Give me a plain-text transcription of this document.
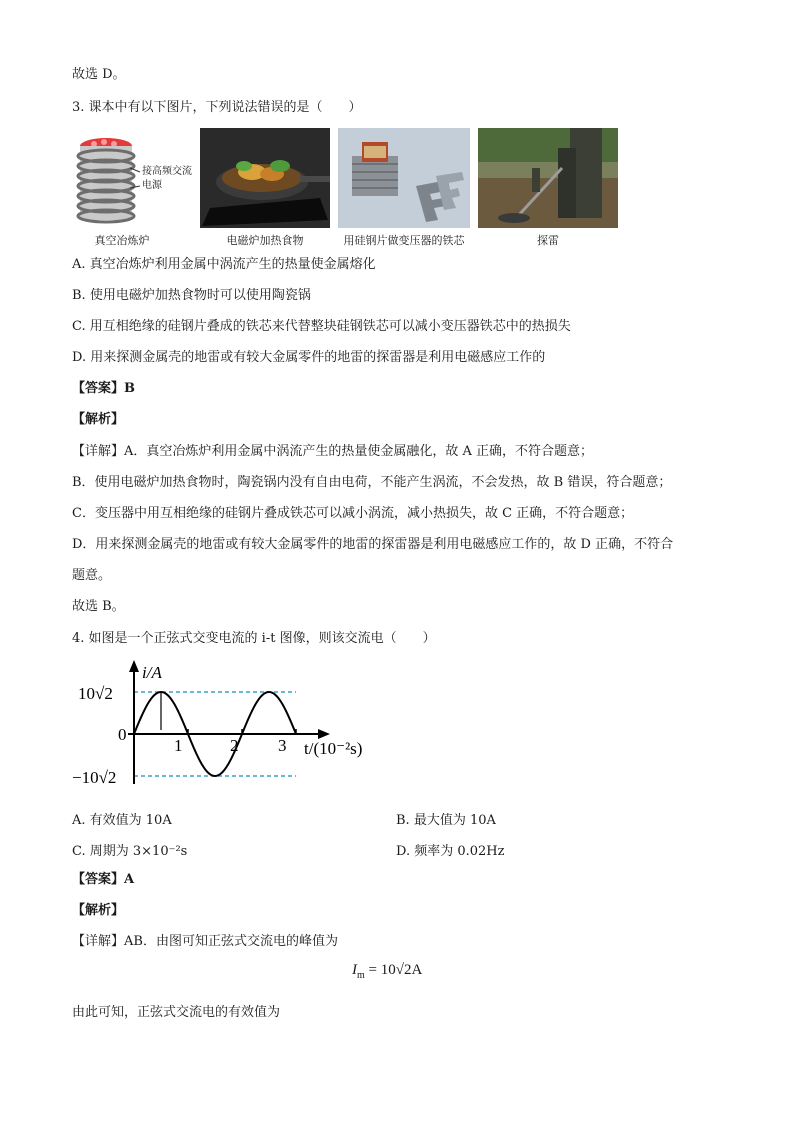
故选 D。
3. 课本中有以下图片，下列说法错误的是（　　）
接高频交流电源
真空冶炼炉	电磁炉加热食物	用硅钢片做变压器的铁芯	探雷
A. 真空冶炼炉利用金属中涡流产生的热量使金属熔化
B. 使用电磁炉加热食物时可以使用陶瓷锅
C. 用互相绝缘的硅钢片叠成的铁芯来代替整块硅钢铁芯可以减小变压器铁芯中的热损失
D. 用来探测金属壳的地雷或有较大金属零件的地雷的探雷器是利用电磁感应工作的
【答案】B
【解析】
【详解】A．真空冶炼炉利用金属中涡流产生的热量使金属融化，故 A 正确，不符合题意；
B．使用电磁炉加热食物时，陶瓷锅内没有自由电荷，不能产生涡流，不会发热，故 B 错误，符合题意；
C．变压器中用互相绝缘的硅钢片叠成铁芯可以减小涡流，减小热损失，故 C 正确，不符合题意；
D．用来探测金属壳的地雷或有较大金属零件的地雷的探雷器是利用电磁感应工作的，故 D 正确，不符合
题意。
故选 B。
4. 如图是一个正弦式交变电流的 i-t 图像，则该交流电（　　）
i/A
t/(10⁻²s)
0
10√2
−10√2
1	2 3
A. 有效值为 10A	B. 最大值为 10A
C. 周期为 3×10⁻²s	D. 频率为 0.02Hz
【答案】A
【解析】
【详解】AB．由图可知正弦式交流电的峰值为
$I_m = 10√2A$
由此可知，正弦式交流电的有效值为
